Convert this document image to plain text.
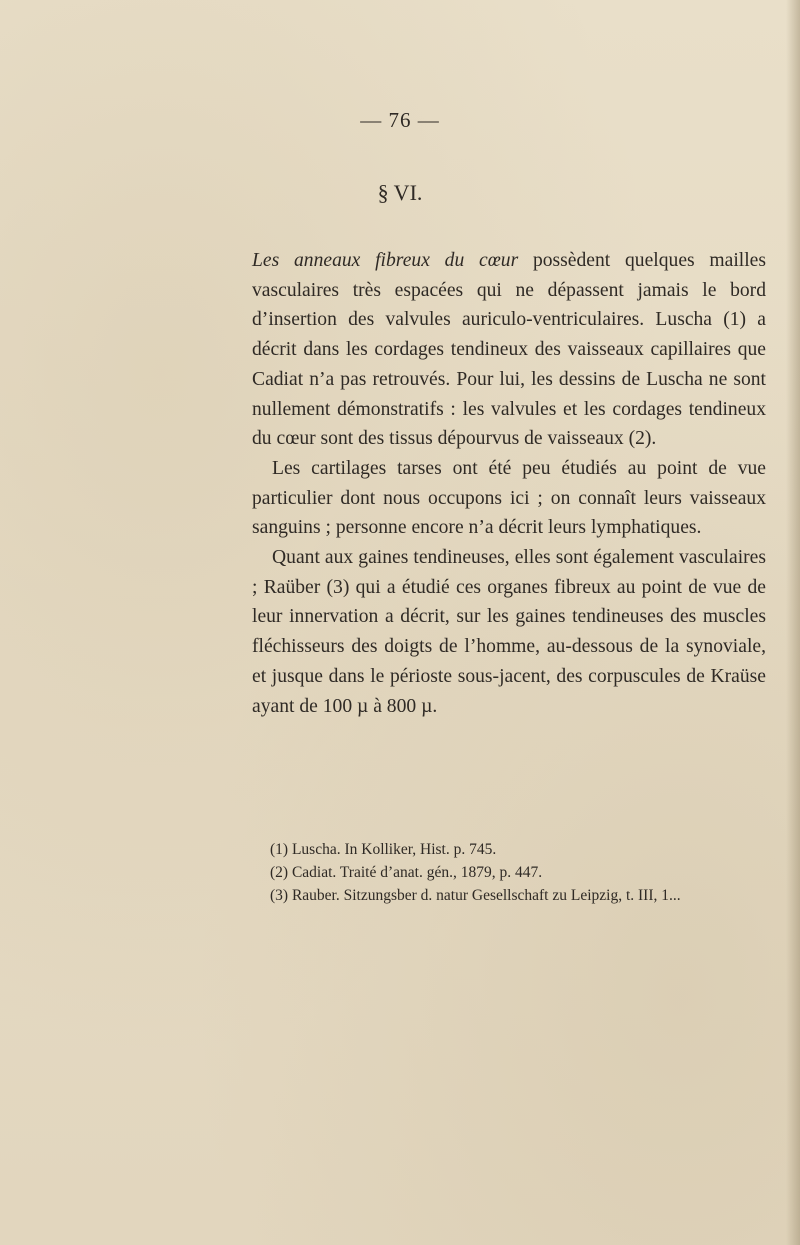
— 76 —
§ VI.

Les anneaux fibreux du cœur possèdent quelques mailles vasculaires très espacées qui ne dépassent jamais le bord d’insertion des valvules auriculo-ventriculaires. Luscha (1) a décrit dans les cordages tendineux des vaisseaux capillaires que Cadiat n’a pas retrouvés. Pour lui, les dessins de Luscha ne sont nullement démonstratifs : les valvules et les cordages tendineux du cœur sont des tissus dépourvus de vaisseaux (2).

Les cartilages tarses ont été peu étudiés au point de vue particulier dont nous occupons ici ; on connaît leurs vaisseaux sanguins ; personne encore n’a décrit leurs lymphatiques.

Quant aux gaines tendineuses, elles sont également vasculaires ; Raüber (3) qui a étudié ces organes fibreux au point de vue de leur innervation a décrit, sur les gaines tendineuses des muscles fléchisseurs des doigts de l’homme, au-dessous de la synoviale, et jusque dans le périoste sous-jacent, des corpuscules de Kraüse ayant de 100 µ à 800 µ.

(1) Luscha. In Kolliker, Hist. p. 745.

(2) Cadiat. Traité d’anat. gén., 1879, p. 447.

(3) Rauber. Sitzungsber d. natur Gesellschaft zu Leipzig, t. III, 1...
